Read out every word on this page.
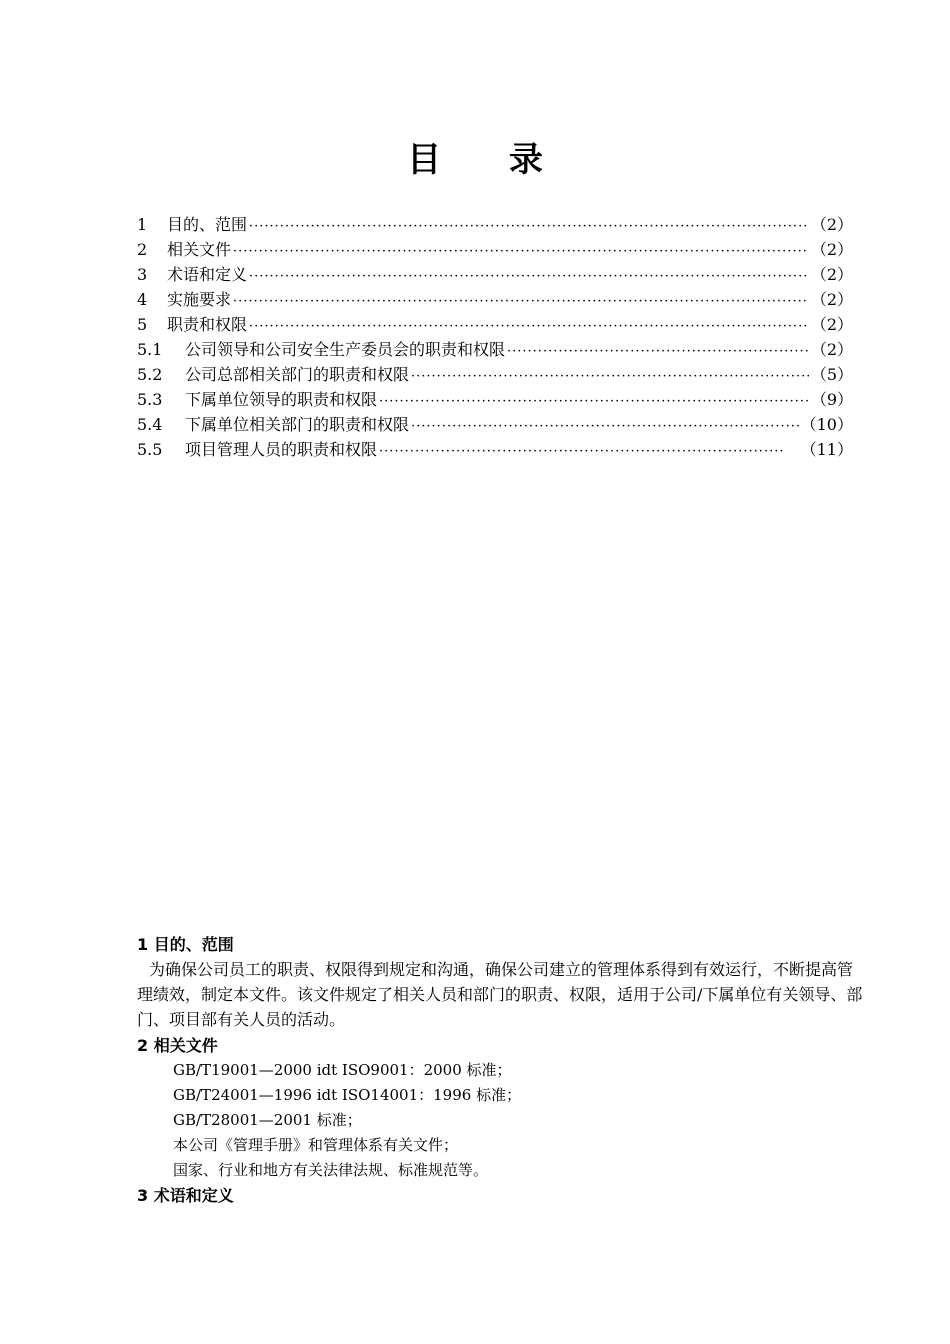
目 录
1	目的、范围 ·····	（2）
2	相关文件 ·····	（2）
3	术语和定义 ·····	（2）
4	实施要求 ·····	（2）
5	职责和权限 ·····	（2）
5.1	公司领导和公司安全生产委员会的职责和权限 ·····	（2）
5.2	公司总部相关部门的职责和权限 ·····	（5）
5.3	下属单位领导的职责和权限 ·····	（9）
5.4	下属单位相关部门的职责和权限 ·····	（10）
5.5	项目管理人员的职责和权限 ·····	（11）
1 目的、范围

为确保公司员工的职责、权限得到规定和沟通，确保公司建立的管理体系得到有效运行，不断提高管理绩效，制定本文件。该文件规定了相关人员和部门的职责、权限，适用于公司/下属单位有关领导、部门、项目部有关人员的活动。

2 相关文件
GB/T19001—2000 idt ISO9001：2000 标准；
GB/T24001—1996 idt ISO14001：1996 标准；
GB/T28001—2001 标准；
本公司《管理手册》和管理体系有关文件；
国家、行业和地方有关法律法规、标准规范等。
3 术语和定义
